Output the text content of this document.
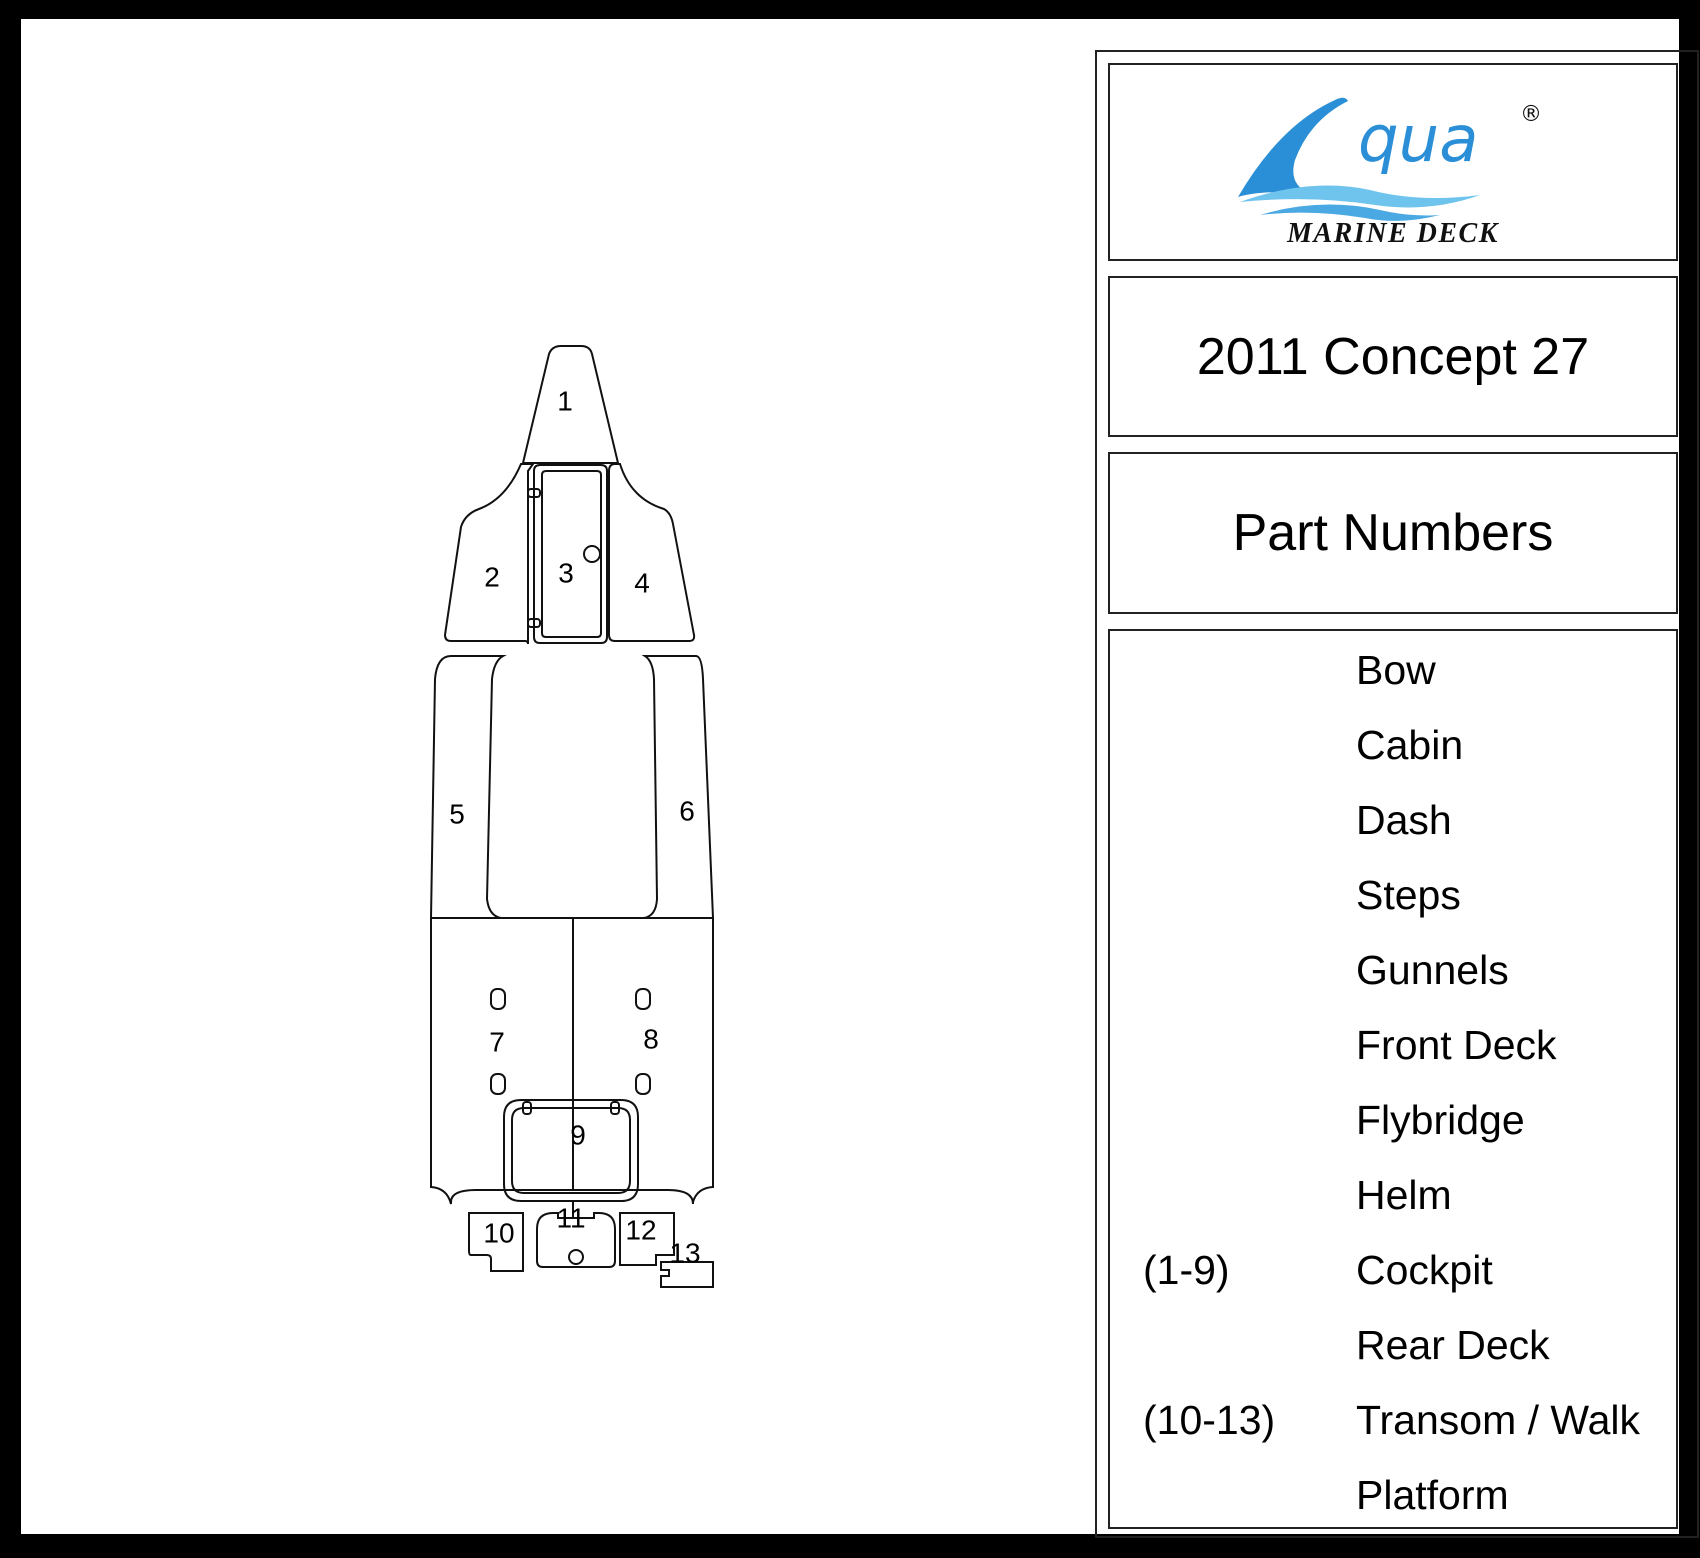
1
2 3 4
5	6
7	8
9
10 11 12
13
qua ®
MARINE DECK
2011 Concept 27
Part Numbers
Bow
Cabin
Dash
Steps
Gunnels
Front Deck
Flybridge
Helm
(1-9)	Cockpit
Rear Deck
(10-13) Transom / Walk
Platform
